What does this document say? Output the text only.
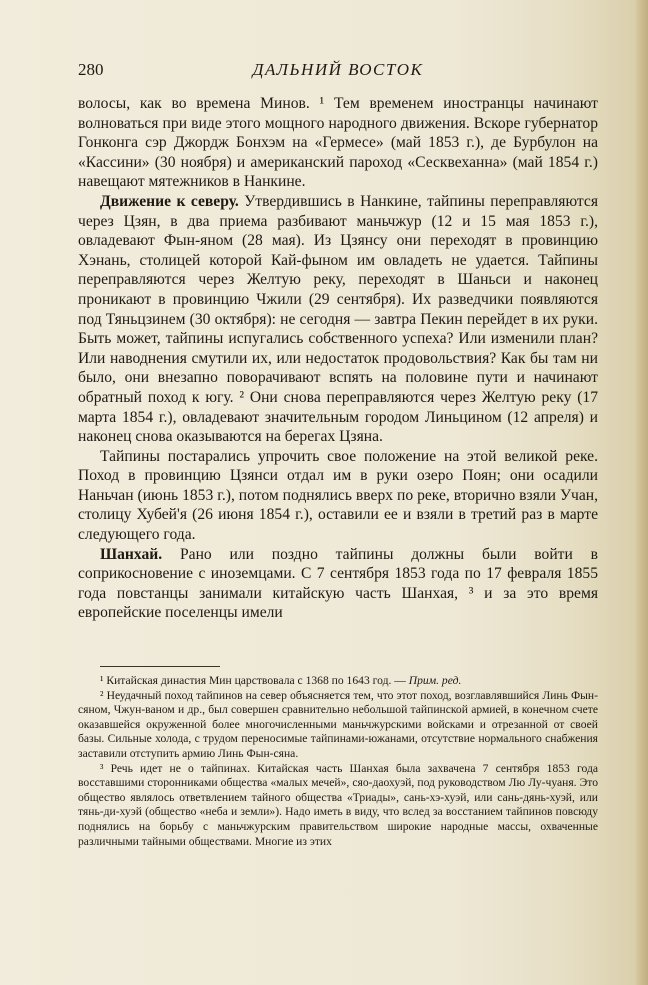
280	ДАЛЬНИЙ ВОСТОК

волосы, как во времена Минов. ¹ Тем временем иностранцы начинают волноваться при виде этого мощного народного движения. Вскоре губернатор Гонконга сэр Джордж Бонхэм на «Гермесе» (май 1853 г.), де Бурбулон на «Кассини» (30 ноября) и американский пароход «Сесквеханна» (май 1854 г.) навещают мятежников в Нанкине.

Движение к северу. Утвердившись в Нанкине, тайпины переправляются через Цзян, в два приема разбивают маньчжур (12 и 15 мая 1853 г.), овладевают Фын-яном (28 мая). Из Цзянсу они переходят в провинцию Хэнань, столицей которой Кай-фыном им овладеть не удается. Тайпины переправляются через Желтую реку, переходят в Шаньси и наконец проникают в провинцию Чжили (29 сентября). Их разведчики появляются под Тяньцзинем (30 октября): не сегодня — завтра Пекин перейдет в их руки. Быть может, тайпины испугались собственного успеха? Или изменили план? Или наводнения смутили их, или недостаток продовольствия? Как бы там ни было, они внезапно поворачивают вспять на половине пути и начинают обратный поход к югу. ² Они снова переправляются через Желтую реку (17 марта 1854 г.), овладевают значительным городом Линьцином (12 апреля) и наконец снова оказываются на берегах Цзяна.

Тайпины постарались упрочить свое положение на этой великой реке. Поход в провинцию Цзянси отдал им в руки озеро Поян; они осадили Наньчан (июнь 1853 г.), потом поднялись вверх по реке, вторично взяли Учан, столицу Хубей'я (26 июня 1854 г.), оставили ее и взяли в третий раз в марте следующего года.

Шанхай. Рано или поздно тайпины должны были войти в соприкосновение с иноземцами. С 7 сентября 1853 года по 17 февраля 1855 года повстанцы занимали китайскую часть Шанхая, ³ и за это время европейские поселенцы имели

¹ Китайская династия Мин царствовала с 1368 по 1643 год. — Прим. ред.

² Неудачный поход тайпинов на север объясняется тем, что этот поход, возглавлявшийся Линь Фын-сяном, Чжун-ваном и др., был совершен сравнительно небольшой тайпинской армией, в конечном счете оказавшейся окруженной более многочисленными маньчжурскими войсками и отрезанной от своей базы. Сильные холода, с трудом переносимые тайпинами-южанами, отсутствие нормального снабжения заставили отступить армию Линь Фын-сяна.

³ Речь идет не о тайпинах. Китайская часть Шанхая была захвачена 7 сентября 1853 года восставшими сторонниками общества «малых мечей», сяо-даохуэй, под руководством Лю Лу-чуаня. Это общество являлось ответвлением тайного общества «Триады», сань-хэ-хуэй, или сань-дянь-хуэй, или тянь-ди-хуэй (общество «неба и земли»). Надо иметь в виду, что вслед за восстанием тайпинов повсюду поднялись на борьбу с маньчжурским правительством широкие народные массы, охваченные различными тайными обществами. Многие из этих
